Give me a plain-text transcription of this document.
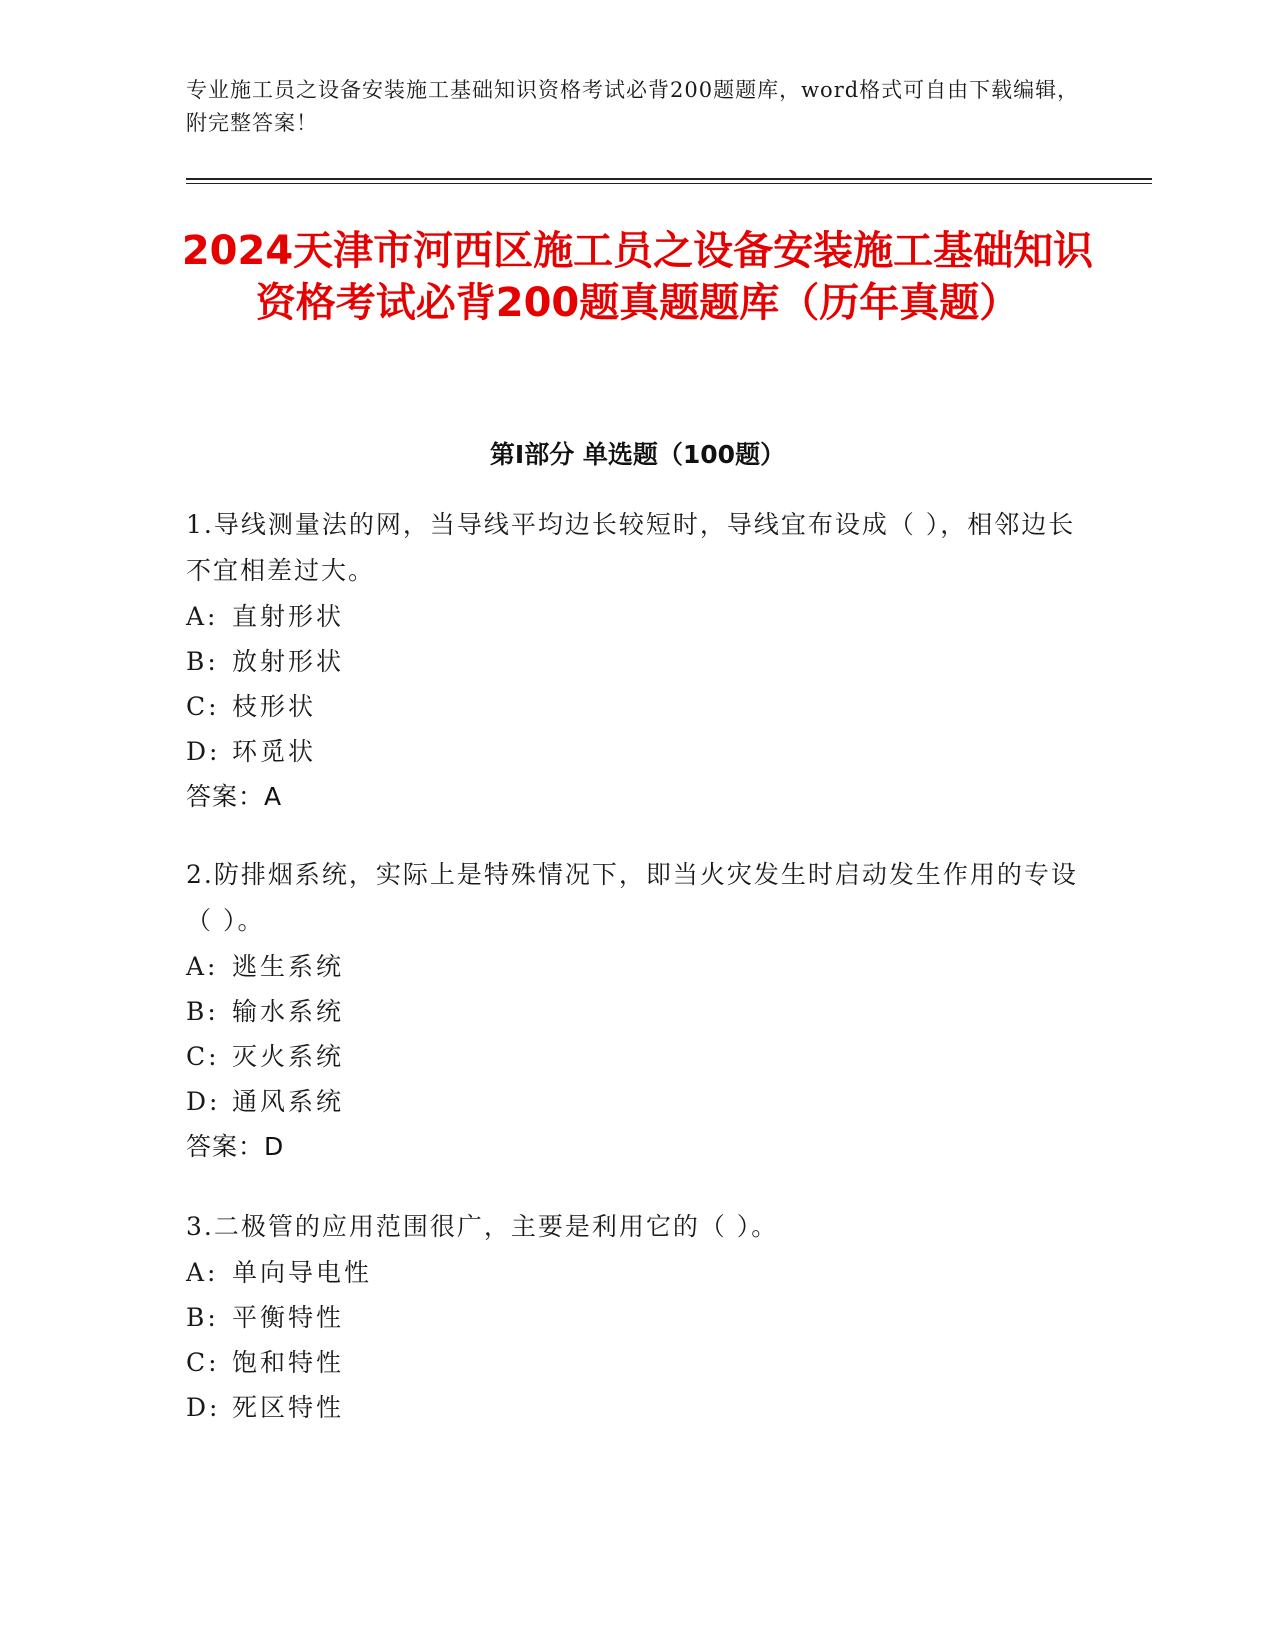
专业施工员之设备安装施工基础知识资格考试必背200题题库，word格式可自由下载编辑，附完整答案！
2024天津市河西区施工员之设备安装施工基础知识资格考试必背200题真题题库（历年真题）
第I部分 单选题（100题）

1.导线测量法的网，当导线平均边长较短时，导线宜布设成（ ），相邻边长不宜相差过大。

A: 直射形状
B: 放射形状
C: 枝形状
D: 环觅状

答案：A

2.防排烟系统，实际上是特殊情况下，即当火灾发生时启动发生作用的专设（ ）。

A: 逃生系统
B: 输水系统
C: 灭火系统
D: 通风系统

答案：D

3.二极管的应用范围很广，主要是利用它的（ ）。

A: 单向导电性
B: 平衡特性
C: 饱和特性
D: 死区特性
